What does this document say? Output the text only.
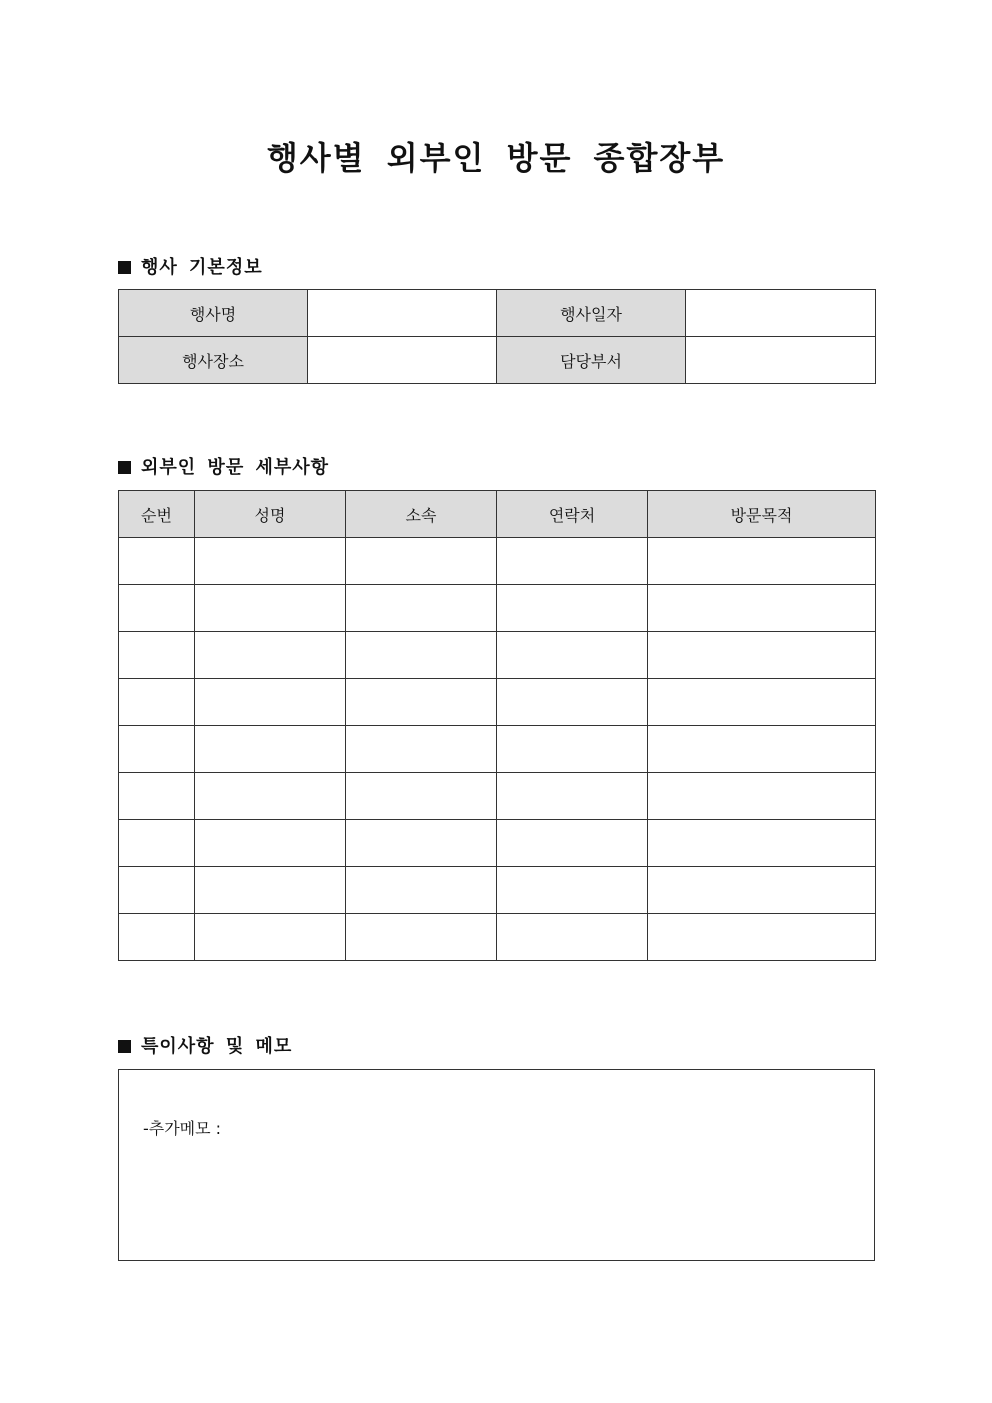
행사별 외부인 방문 종합장부
행사 기본정보
행사명		행사일자	
행사장소		담당부서	
외부인 방문 세부사항
순번	성명	소속	연락처	방문목적

특이사항 및 메모
-추가메모 :
